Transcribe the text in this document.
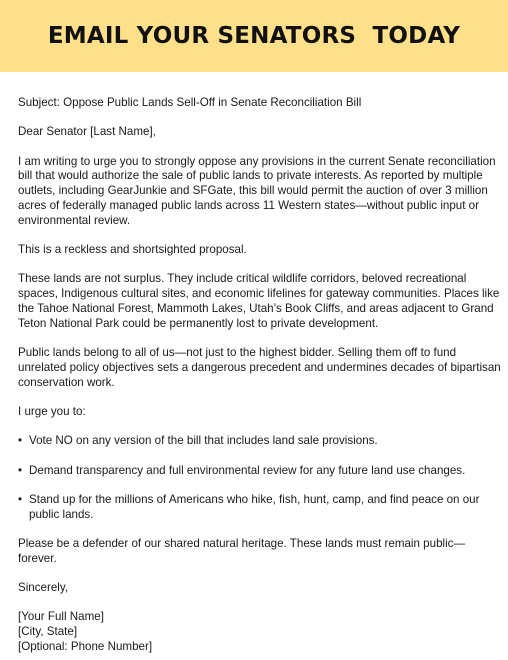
EMAIL YOUR SENATORS  TODAY

Subject: Oppose Public Lands Sell-Off in Senate Reconciliation Bill

Dear Senator [Last Name],

I am writing to urge you to strongly oppose any provisions in the current Senate reconciliation bill that would authorize the sale of public lands to private interests. As reported by multiple outlets, including GearJunkie and SFGate, this bill would permit the auction of over 3 million acres of federally managed public lands across 11 Western states—without public input or environmental review.

This is a reckless and shortsighted proposal.

These lands are not surplus. They include critical wildlife corridors, beloved recreational spaces, Indigenous cultural sites, and economic lifelines for gateway communities. Places like the Tahoe National Forest, Mammoth Lakes, Utah’s Book Cliffs, and areas adjacent to Grand Teton National Park could be permanently lost to private development.

Public lands belong to all of us—not just to the highest bidder. Selling them off to fund unrelated policy objectives sets a dangerous precedent and undermines decades of bipartisan conservation work.

I urge you to:

• Vote NO on any version of the bill that includes land sale provisions.
• Demand transparency and full environmental review for any future land use changes.
• Stand up for the millions of Americans who hike, fish, hunt, camp, and find peace on our public lands.

Please be a defender of our shared natural heritage. These lands must remain public—forever.

Sincerely,

[Your Full Name]

[City, State]

[Optional: Phone Number]
